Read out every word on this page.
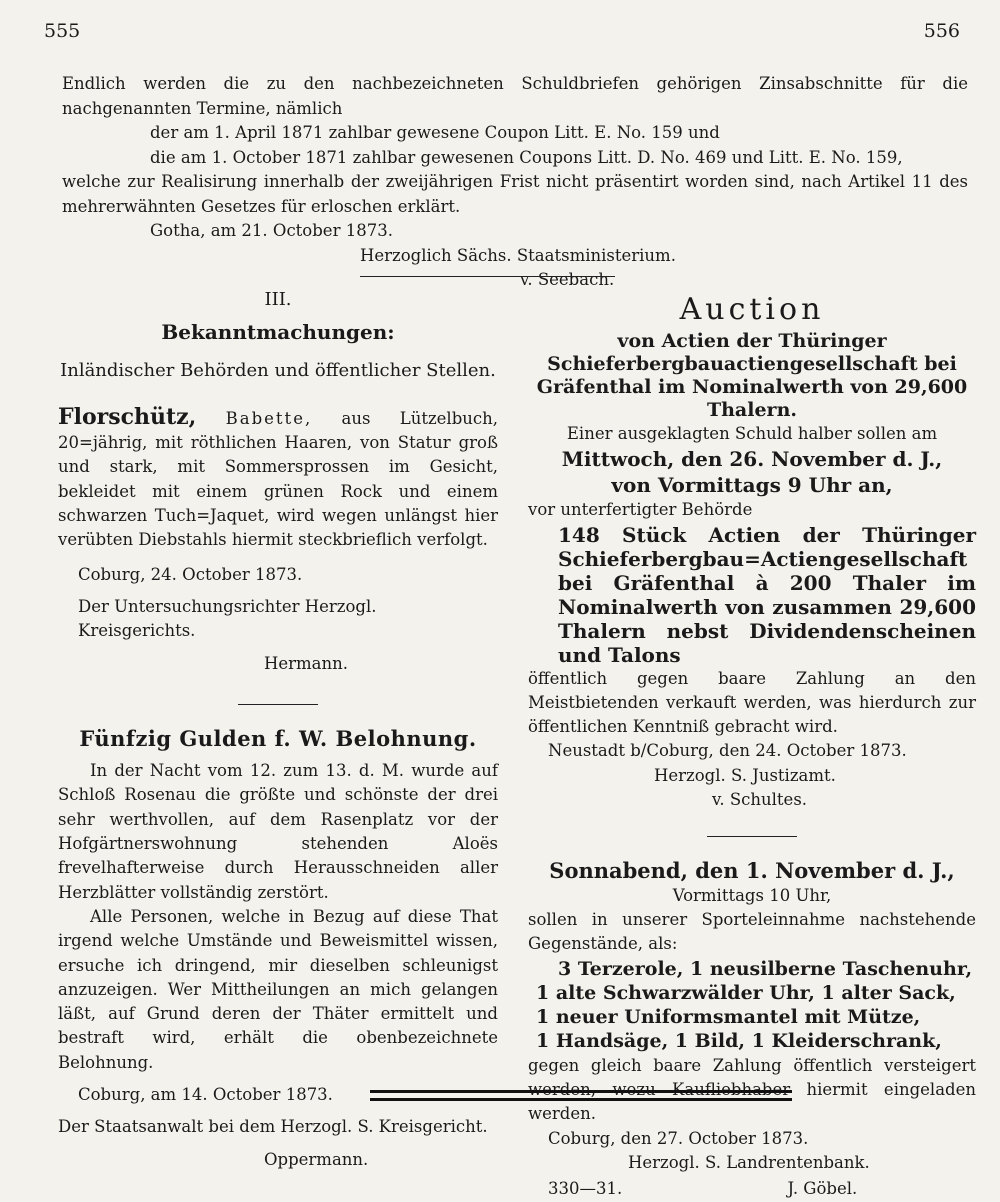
555	556

Endlich werden die zu den nachbezeichneten Schuldbriefen gehörigen Zinsabschnitte für die nachgenannten Termine, nämlich

der am 1. April 1871 zahlbar gewesene Coupon Litt. E. No. 159 und

die am 1. October 1871 zahlbar gewesenen Coupons Litt. D. No. 469 und Litt. E. No. 159,

welche zur Realisirung innerhalb der zweijährigen Frist nicht präsentirt worden sind, nach Artikel 11 des mehrerwähnten Gesetzes für erloschen erklärt.

Gotha, am 21. October 1873.

Herzoglich Sächs. Staatsministerium.

v. Seebach.

III.

Bekanntmachungen:

Inländischer Behörden und öffentlicher Stellen.

Florschütz, Babette, aus Lützelbuch, 20=jährig, mit röthlichen Haaren, von Statur groß und stark, mit Sommersprossen im Gesicht, bekleidet mit einem grünen Rock und einem schwarzen Tuch=Jaquet, wird wegen unlängst hier verübten Diebstahls hiermit steckbrieflich verfolgt.

Coburg, 24. October 1873.

Der Untersuchungsrichter Herzogl. Kreisgerichts.

Hermann.

Fünfzig Gulden f. W. Belohnung.

In der Nacht vom 12. zum 13. d. M. wurde auf Schloß Rosenau die größte und schönste der drei sehr werthvollen, auf dem Rasenplatz vor der Hofgärtnerswohnung stehenden Aloës frevelhafterweise durch Herausschneiden aller Herzblätter vollständig zerstört.

Alle Personen, welche in Bezug auf diese That irgend welche Umstände und Beweismittel wissen, ersuche ich dringend, mir dieselben schleunigst anzuzeigen. Wer Mittheilungen an mich gelangen läßt, auf Grund deren der Thäter ermittelt und bestraft wird, erhält die obenbezeichnete Belohnung.

Coburg, am 14. October 1873.

Der Staatsanwalt bei dem Herzogl. S. Kreisgericht.

Oppermann.

Auction

von Actien der Thüringer Schieferbergbauactiengesellschaft bei Gräfenthal im Nominalwerth von 29,600 Thalern.

Einer ausgeklagten Schuld halber sollen am

Mittwoch, den 26. November d. J.,

von Vormittags 9 Uhr an,

vor unterfertigter Behörde

148 Stück Actien der Thüringer Schieferbergbau=Actiengesellschaft bei Gräfenthal à 200 Thaler im Nominalwerth von zusammen 29,600 Thalern nebst Dividendenscheinen und Talons

öffentlich gegen baare Zahlung an den Meistbietenden verkauft werden, was hierdurch zur öffentlichen Kenntniß gebracht wird.

Neustadt b/Coburg, den 24. October 1873.

Herzogl. S. Justizamt.

v. Schultes.

Sonnabend, den 1. November d. J.,

Vormittags 10 Uhr,

sollen in unserer Sporteleinnahme nachstehende Gegenstände, als:

3 Terzerole, 1 neusilberne Taschenuhr,

1 alte Schwarzwälder Uhr, 1 alter Sack,

1 neuer Uniformsmantel mit Mütze,

1 Handsäge, 1 Bild, 1 Kleiderschrank,

gegen gleich baare Zahlung öffentlich versteigert werden, wozu Kaufliebhaber hiermit eingeladen werden.

Coburg, den 27. October 1873.

Herzogl. S. Landrentenbank.

330—31.	J. Göbel.
